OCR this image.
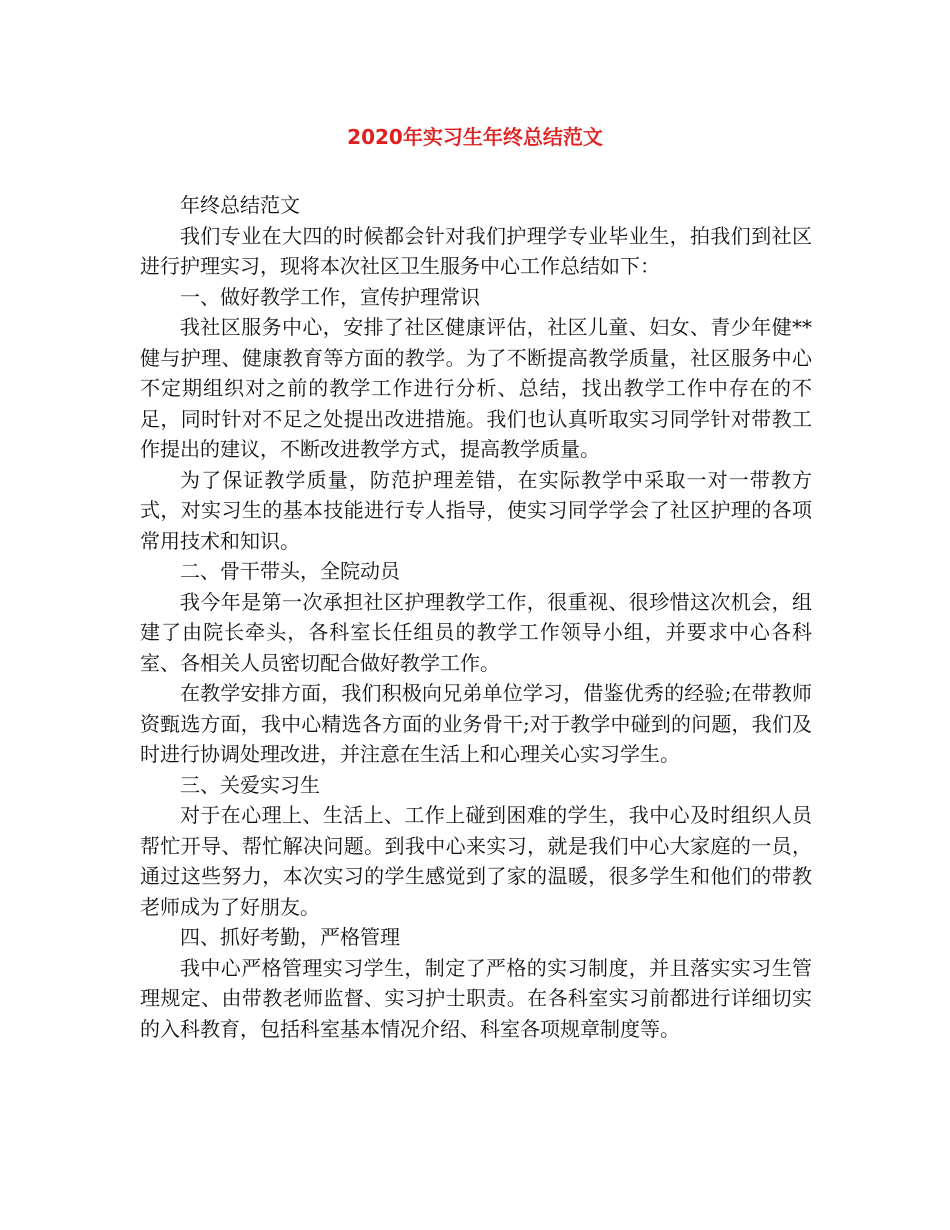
2020年实习生年终总结范文

年终总结范文

我们专业在大四的时候都会针对我们护理学专业毕业生，拍我们到社区进行护理实习，现将本次社区卫生服务中心工作总结如下：

一、做好教学工作，宣传护理常识

我社区服务中心，安排了社区健康评估，社区儿童、妇女、青少年健**健与护理、健康教育等方面的教学。为了不断提高教学质量，社区服务中心不定期组织对之前的教学工作进行分析、总结，找出教学工作中存在的不足，同时针对不足之处提出改进措施。我们也认真听取实习同学针对带教工作提出的建议，不断改进教学方式，提高教学质量。

为了保证教学质量，防范护理差错，在实际教学中采取一对一带教方式，对实习生的基本技能进行专人指导，使实习同学学会了社区护理的各项常用技术和知识。

二、骨干带头，全院动员

我今年是第一次承担社区护理教学工作，很重视、很珍惜这次机会，组建了由院长牵头，各科室长任组员的教学工作领导小组，并要求中心各科室、各相关人员密切配合做好教学工作。

在教学安排方面，我们积极向兄弟单位学习，借鉴优秀的经验;在带教师资甄选方面，我中心精选各方面的业务骨干;对于教学中碰到的问题，我们及时进行协调处理改进，并注意在生活上和心理关心实习学生。

三、关爱实习生

对于在心理上、生活上、工作上碰到困难的学生，我中心及时组织人员帮忙开导、帮忙解决问题。到我中心来实习，就是我们中心大家庭的一员，通过这些努力，本次实习的学生感觉到了家的温暖，很多学生和他们的带教老师成为了好朋友。

四、抓好考勤，严格管理

我中心严格管理实习学生，制定了严格的实习制度，并且落实实习生管理规定、由带教老师监督、实习护士职责。在各科室实习前都进行详细切实的入科教育，包括科室基本情况介绍、科室各项规章制度等。
